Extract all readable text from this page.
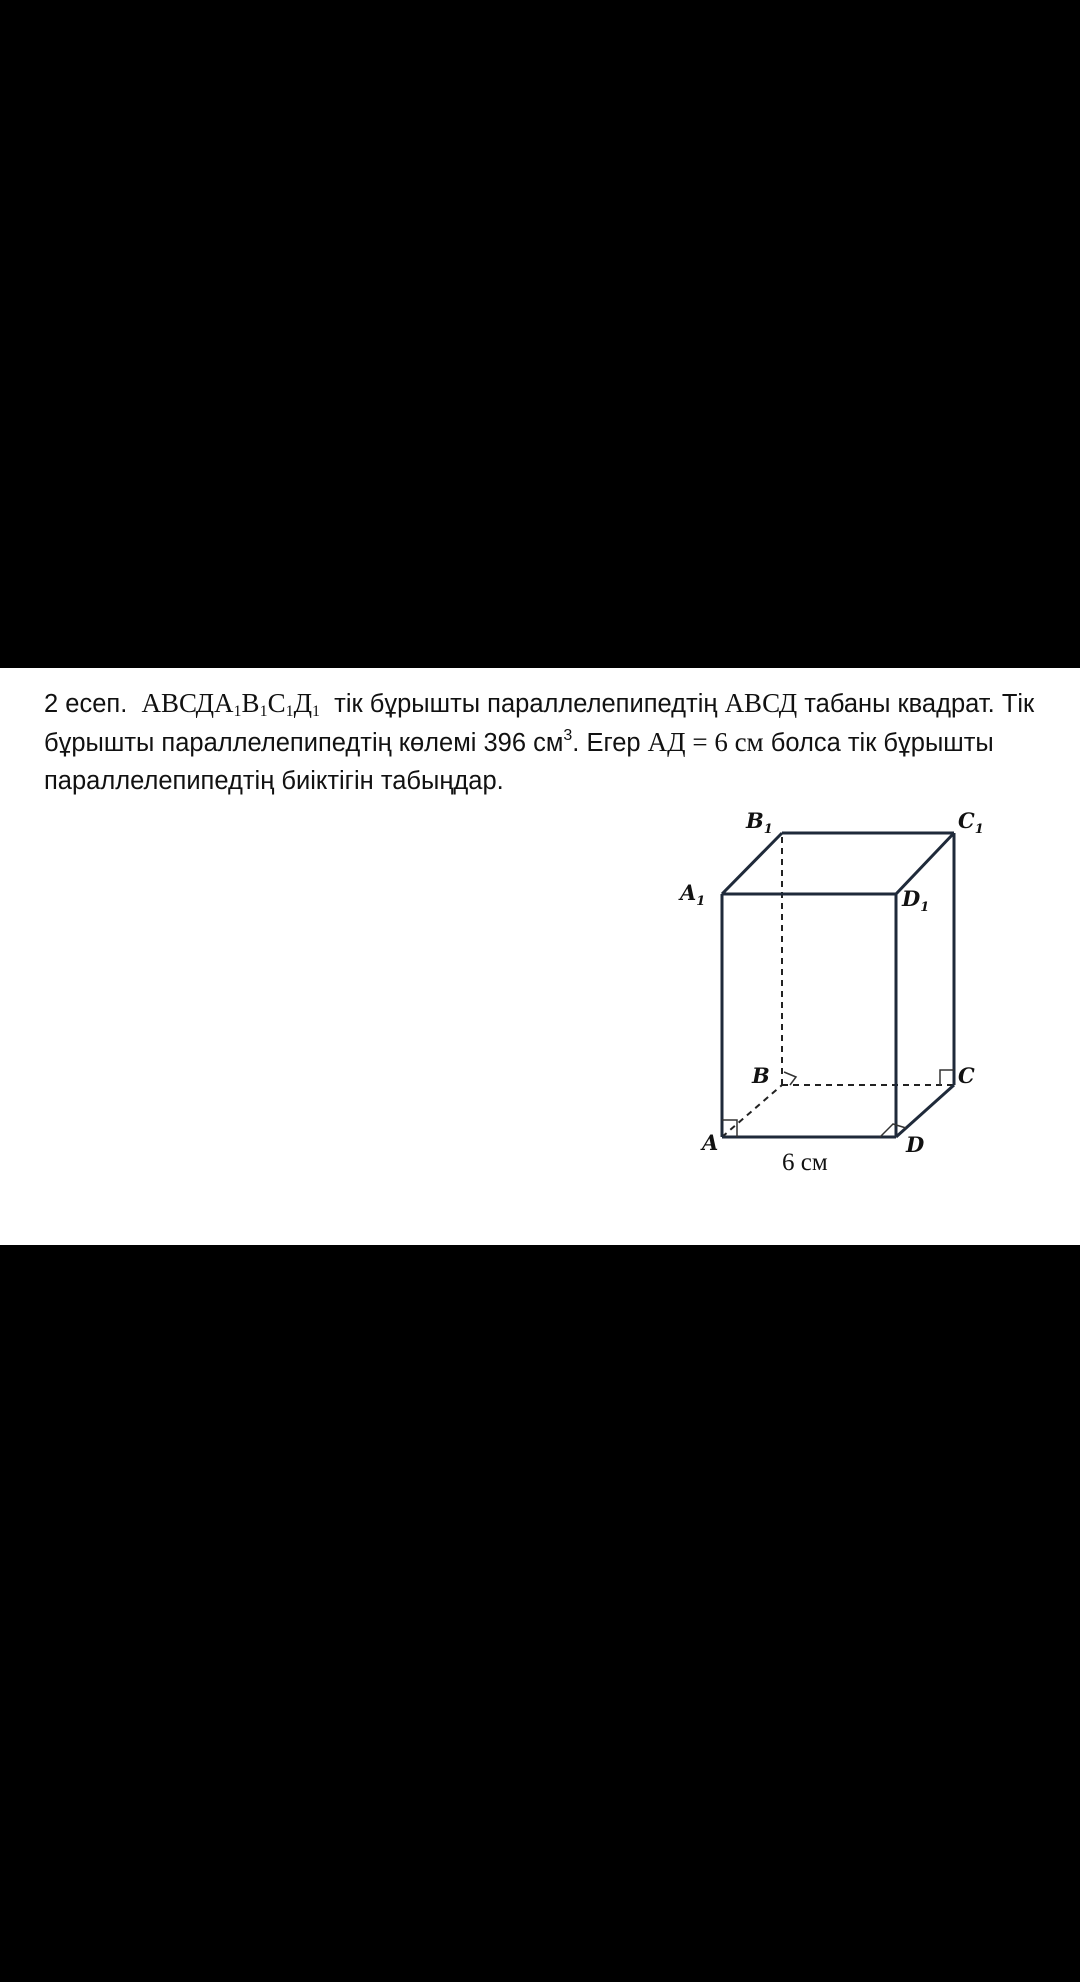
2 есеп. $АВСДА_1В_1С_1Д_1$  тік бұрышты параллелепипедтің АВСД табаны квадрат. Тік
бұрышты параллелепипедтің көлемі 396 $см^3$. Егер АД = 6 см болса тік бұрышты
параллелепипедтің биіктігін табыңдар.
$B_1$	$C_1$
$A_1$	$D_1$
B	C
A	D
6 см
